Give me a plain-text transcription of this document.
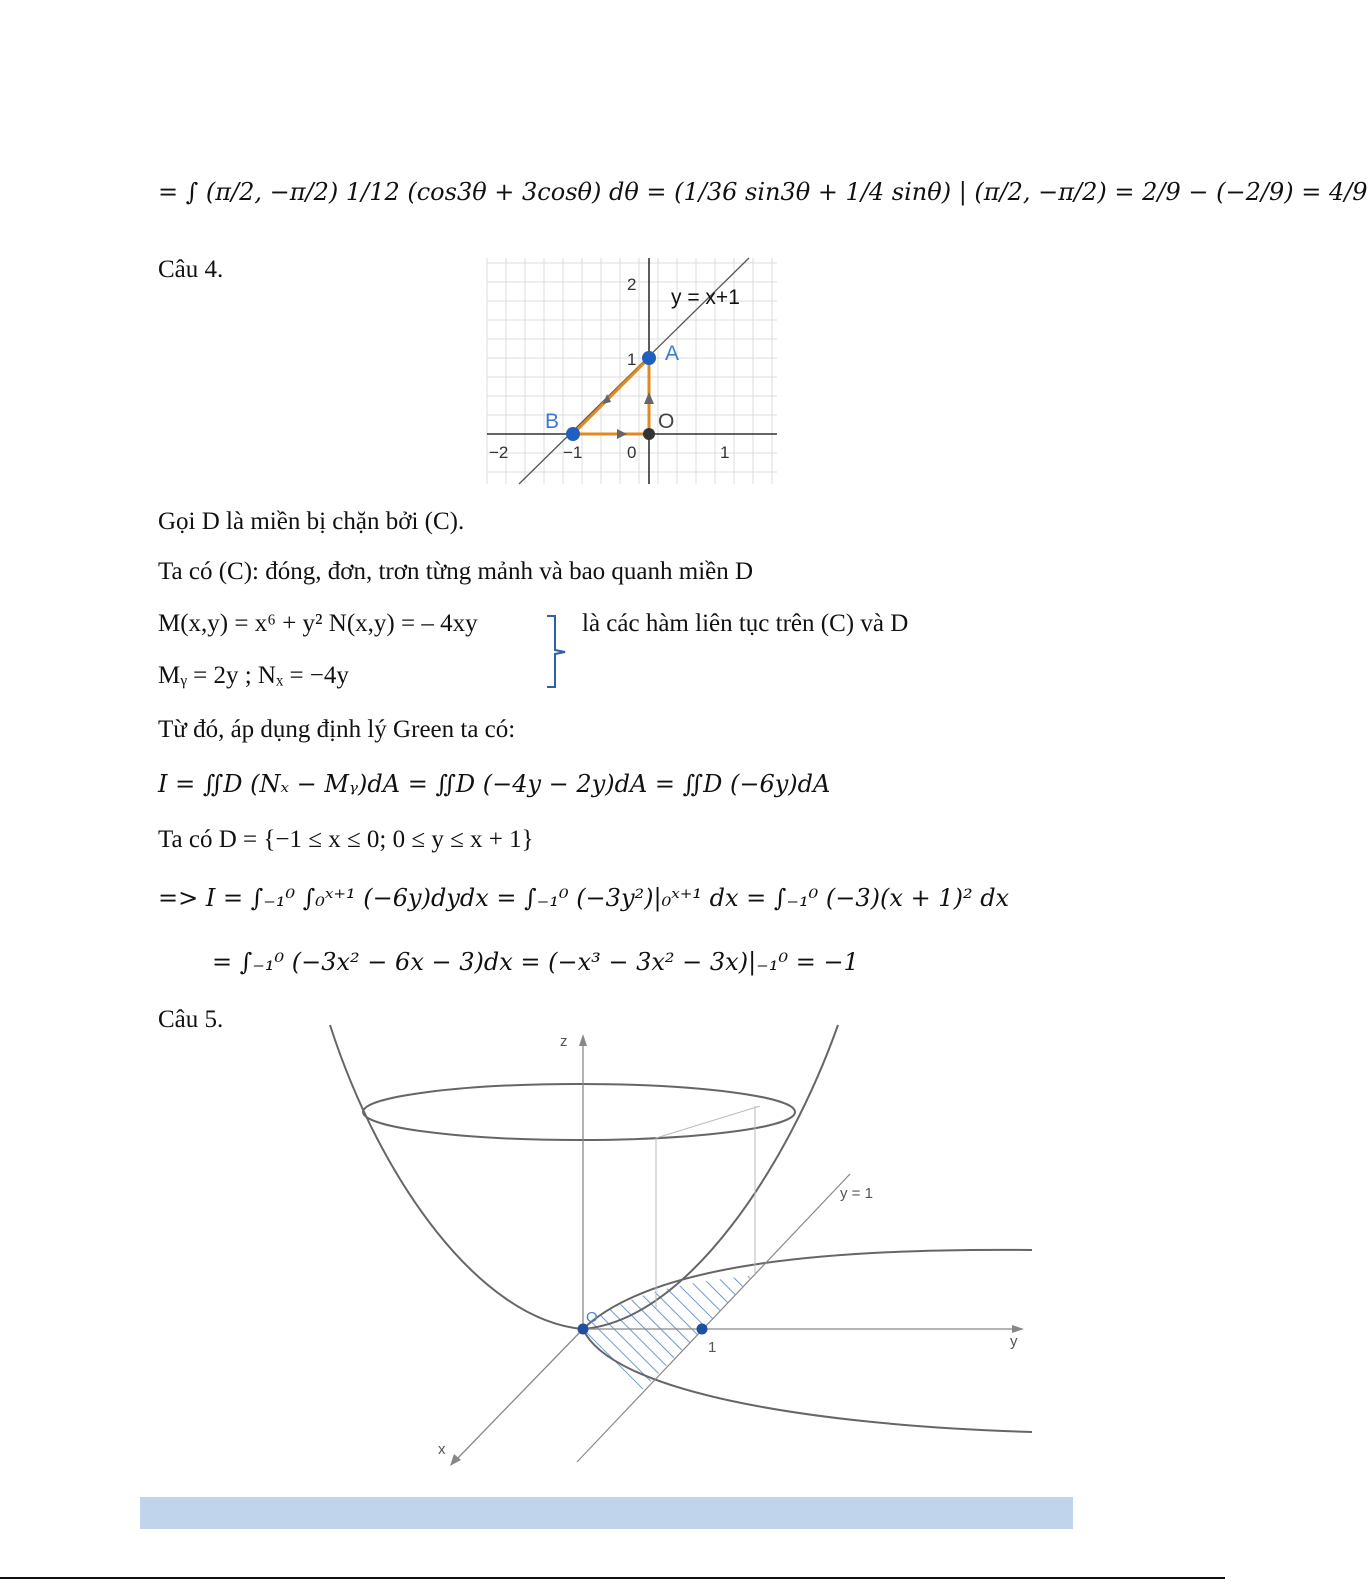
= ∫ (π/2, −π/2) 1/12 (cos3θ + 3cosθ) dθ = (1/36 sin3θ + 1/4 sinθ) | (π/2, −π/2) = 2/9 − (−2/9) = 4/9
Câu 4.
y = x+1
A
B	O
2
1
−2	−1	0	1
Gọi D là miền bị chặn bởi (C).
Ta có (C): đóng, đơn, trơn từng mảnh và bao quanh miền D
M(x,y) = x⁶ + y² N(x,y) = – 4xy
Mᵧ = 2y ; Nₓ = −4y
là các hàm liên tục trên (C) và D
Từ đó, áp dụng định lý Green ta có:
I = ∬D (Nₓ − Mᵧ)dA = ∬D (−4y − 2y)dA = ∬D (−6y)dA
Ta có D = {−1 ≤ x ≤ 0; 0 ≤ y ≤ x + 1}
=> I = ∫₋₁⁰ ∫₀ˣ⁺¹ (−6y)dydx = ∫₋₁⁰ (−3y²)|₀ˣ⁺¹ dx = ∫₋₁⁰ (−3)(x + 1)² dx
= ∫₋₁⁰ (−3x² − 6x − 3)dx = (−x³ − 3x² − 3x)|₋₁⁰ = −1
Câu 5.
z
y
x
O
1
y = 1
